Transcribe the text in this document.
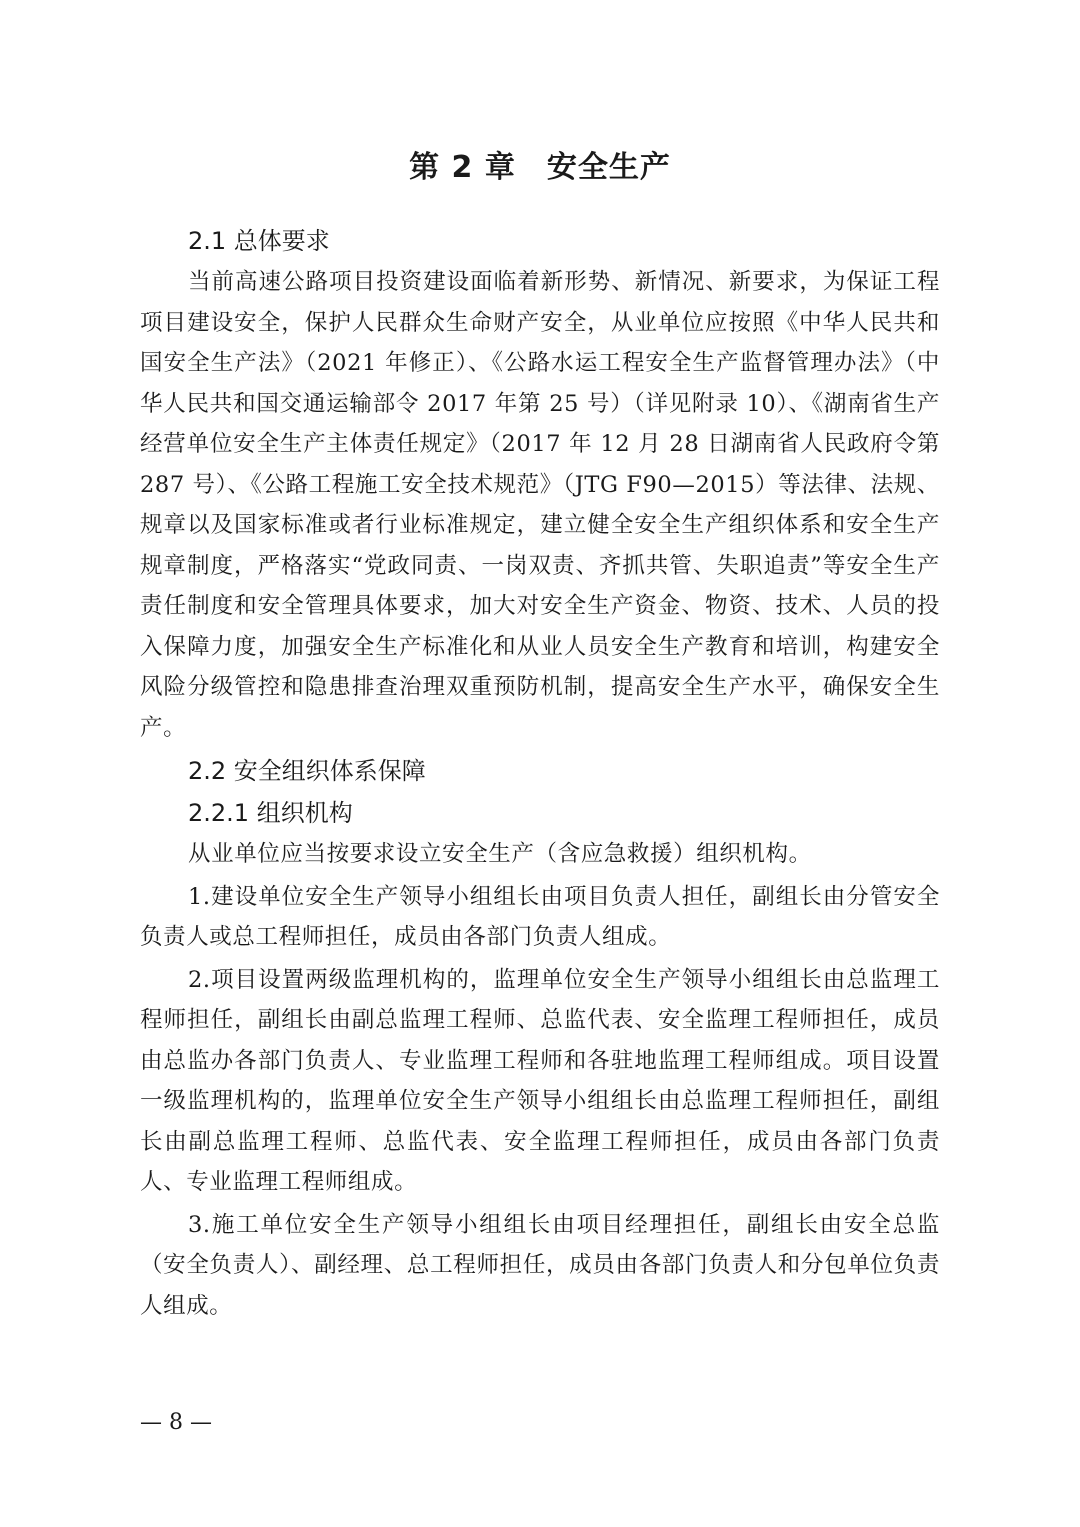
第 2 章　安全生产
2.1 总体要求

当前高速公路项目投资建设面临着新形势、新情况、新要求，为保证工程项目建设安全，保护人民群众生命财产安全，从业单位应按照《中华人民共和国安全生产法》（2021 年修正）、《公路水运工程安全生产监督管理办法》（中华人民共和国交通运输部令 2017 年第 25 号）（详见附录 10）、《湖南省生产经营单位安全生产主体责任规定》（2017 年 12 月 28 日湖南省人民政府令第 287 号）、《公路工程施工安全技术规范》（JTG F90—2015）等法律、法规、规章以及国家标准或者行业标准规定，建立健全安全生产组织体系和安全生产规章制度，严格落实“党政同责、一岗双责、齐抓共管、失职追责”等安全生产责任制度和安全管理具体要求，加大对安全生产资金、物资、技术、人员的投入保障力度，加强安全生产标准化和从业人员安全生产教育和培训，构建安全风险分级管控和隐患排查治理双重预防机制，提高安全生产水平，确保安全生产。

2.2 安全组织体系保障
2.2.1 组织机构

从业单位应当按要求设立安全生产（含应急救援）组织机构。

1.建设单位安全生产领导小组组长由项目负责人担任，副组长由分管安全负责人或总工程师担任，成员由各部门负责人组成。

2.项目设置两级监理机构的，监理单位安全生产领导小组组长由总监理工程师担任，副组长由副总监理工程师、总监代表、安全监理工程师担任，成员由总监办各部门负责人、专业监理工程师和各驻地监理工程师组成。项目设置一级监理机构的，监理单位安全生产领导小组组长由总监理工程师担任，副组长由副总监理工程师、总监代表、安全监理工程师担任，成员由各部门负责人、专业监理工程师组成。

3.施工单位安全生产领导小组组长由项目经理担任，副组长由安全总监（安全负责人）、副经理、总工程师担任，成员由各部门负责人和分包单位负责人组成。

— 8 —
